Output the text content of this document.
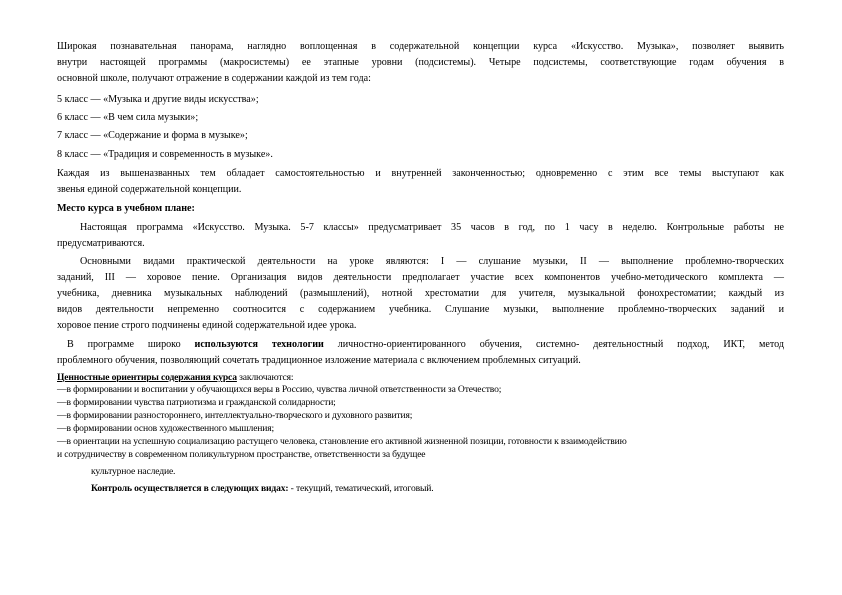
Широкая познавательная панорама, наглядно воплощенная в содержательной концепции курса «Искусство. Музыка», позволяет выявить
внутри настоящей программы (макросистемы) ее этапные уровни (подсистемы). Четыре подсистемы, соответствующие годам обучения в
основной школе, получают отражение в содержании каждой из тем года:
5 класс — «Музыка и другие виды искусства»;
6 класс — «В чем сила музыки»;
7 класс — «Содержание и форма в музыке»;
8 класс — «Традиция и современность в музыке».
Каждая из вышеназванных тем обладает самостоятельностью и внутренней законченностью; одновременно с этим все темы выступают как
звенья единой содержательной концепции.
Место курса в учебном плане:
Настоящая программа «Искусство. Музыка. 5-7 классы» предусматривает 35 часов в год, по 1 часу в неделю. Контрольные работы не
предусматриваются.
Основными видами практической деятельности на уроке являются: I — слушание музыки, II — выполнение проблемно-творческих
заданий, III — хоровое пение. Организация видов деятельности предполагает участие всех компонентов учебно-методического комплекта —
учебника, дневника музыкальных наблюдений (размышлений), нотной хрестоматии для учителя, музыкальной фонохрестоматии; каждый из
видов деятельности непременно соотносится с содержанием учебника. Слушание музыки, выполнение проблемно-творческих заданий и
хоровое пение строго подчинены единой содержательной идее урока.
В программе широко используются технологии личностно-ориентированного обучения, системно- деятельностный подход, ИКТ, метод
проблемного обучения, позволяющий сочетать традиционное изложение материала с включением проблемных ситуаций.
Ценностные ориентиры содержания курса заключаются:
—в формировании и воспитании у обучающихся веры в Россию, чувства личной ответственности за Отечество;
—в формировании чувства патриотизма и гражданской солидарности;
—в формировании разностороннего, интеллектуально-творческого и духовного развития;
—в формировании основ художественного мышления;
—в ориентации на успешную социализацию растущего человека, становление его активной жизненной позиции, готовности к взаимодействию
и сотрудничеству в современном поликультурном пространстве, ответственности за будущее
культурное наследие.
Контроль осуществляется в следующих видах: - текущий, тематический, итоговый.
